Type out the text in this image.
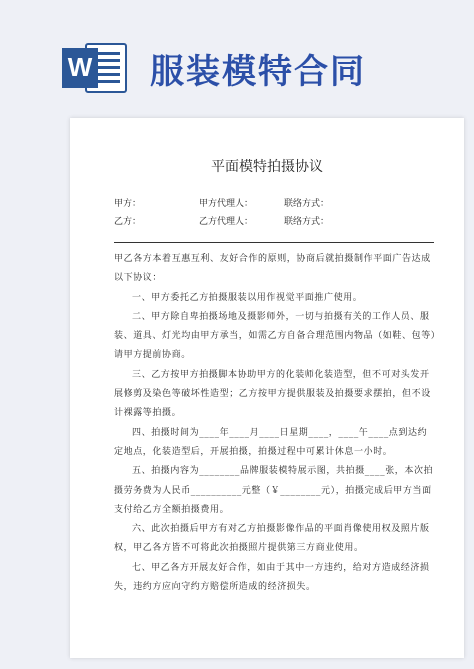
W 服装模特合同
平面模特拍摄协议
甲方：	甲方代理人：	联络方式：
乙方：	乙方代理人：	联络方式：

甲乙各方本着互惠互利、友好合作的原则，协商后就拍摄制作平面广告达成以下协议：

一、甲方委托乙方拍摄服装以用作视觉平面推广使用。

二、甲方除自卑拍摄场地及摄影师外，一切与拍摄有关的工作人员、服装、道具、灯光均由甲方承当，如需乙方自备合理范围内物品（如鞋、包等）请甲方提前协商。

三、乙方按甲方拍摄脚本协助甲方的化装师化装造型，但不可对头发开展修剪及染色等破坏性造型；乙方按甲方提供服装及拍摄要求摆拍，但不设计裸露等拍摄。

四、拍摄时间为____年____月____日星期____，____午____点到达约定地点，化装造型后，开展拍摄，拍摄过程中可累计休息一小时。

五、拍摄内容为________品牌服装模特展示图，共拍摄____张，本次拍摄劳务费为人民币__________元整（￥________元），拍摄完成后甲方当面支付给乙方全额拍摄费用。

六、此次拍摄后甲方有对乙方拍摄影像作品的平面肖像使用权及照片版权，甲乙各方皆不可将此次拍摄照片提供第三方商业使用。

七、甲乙各方开展友好合作，如由于其中一方违约，给对方造成经济损失，违约方应向守约方赔偿所造成的经济损失。
